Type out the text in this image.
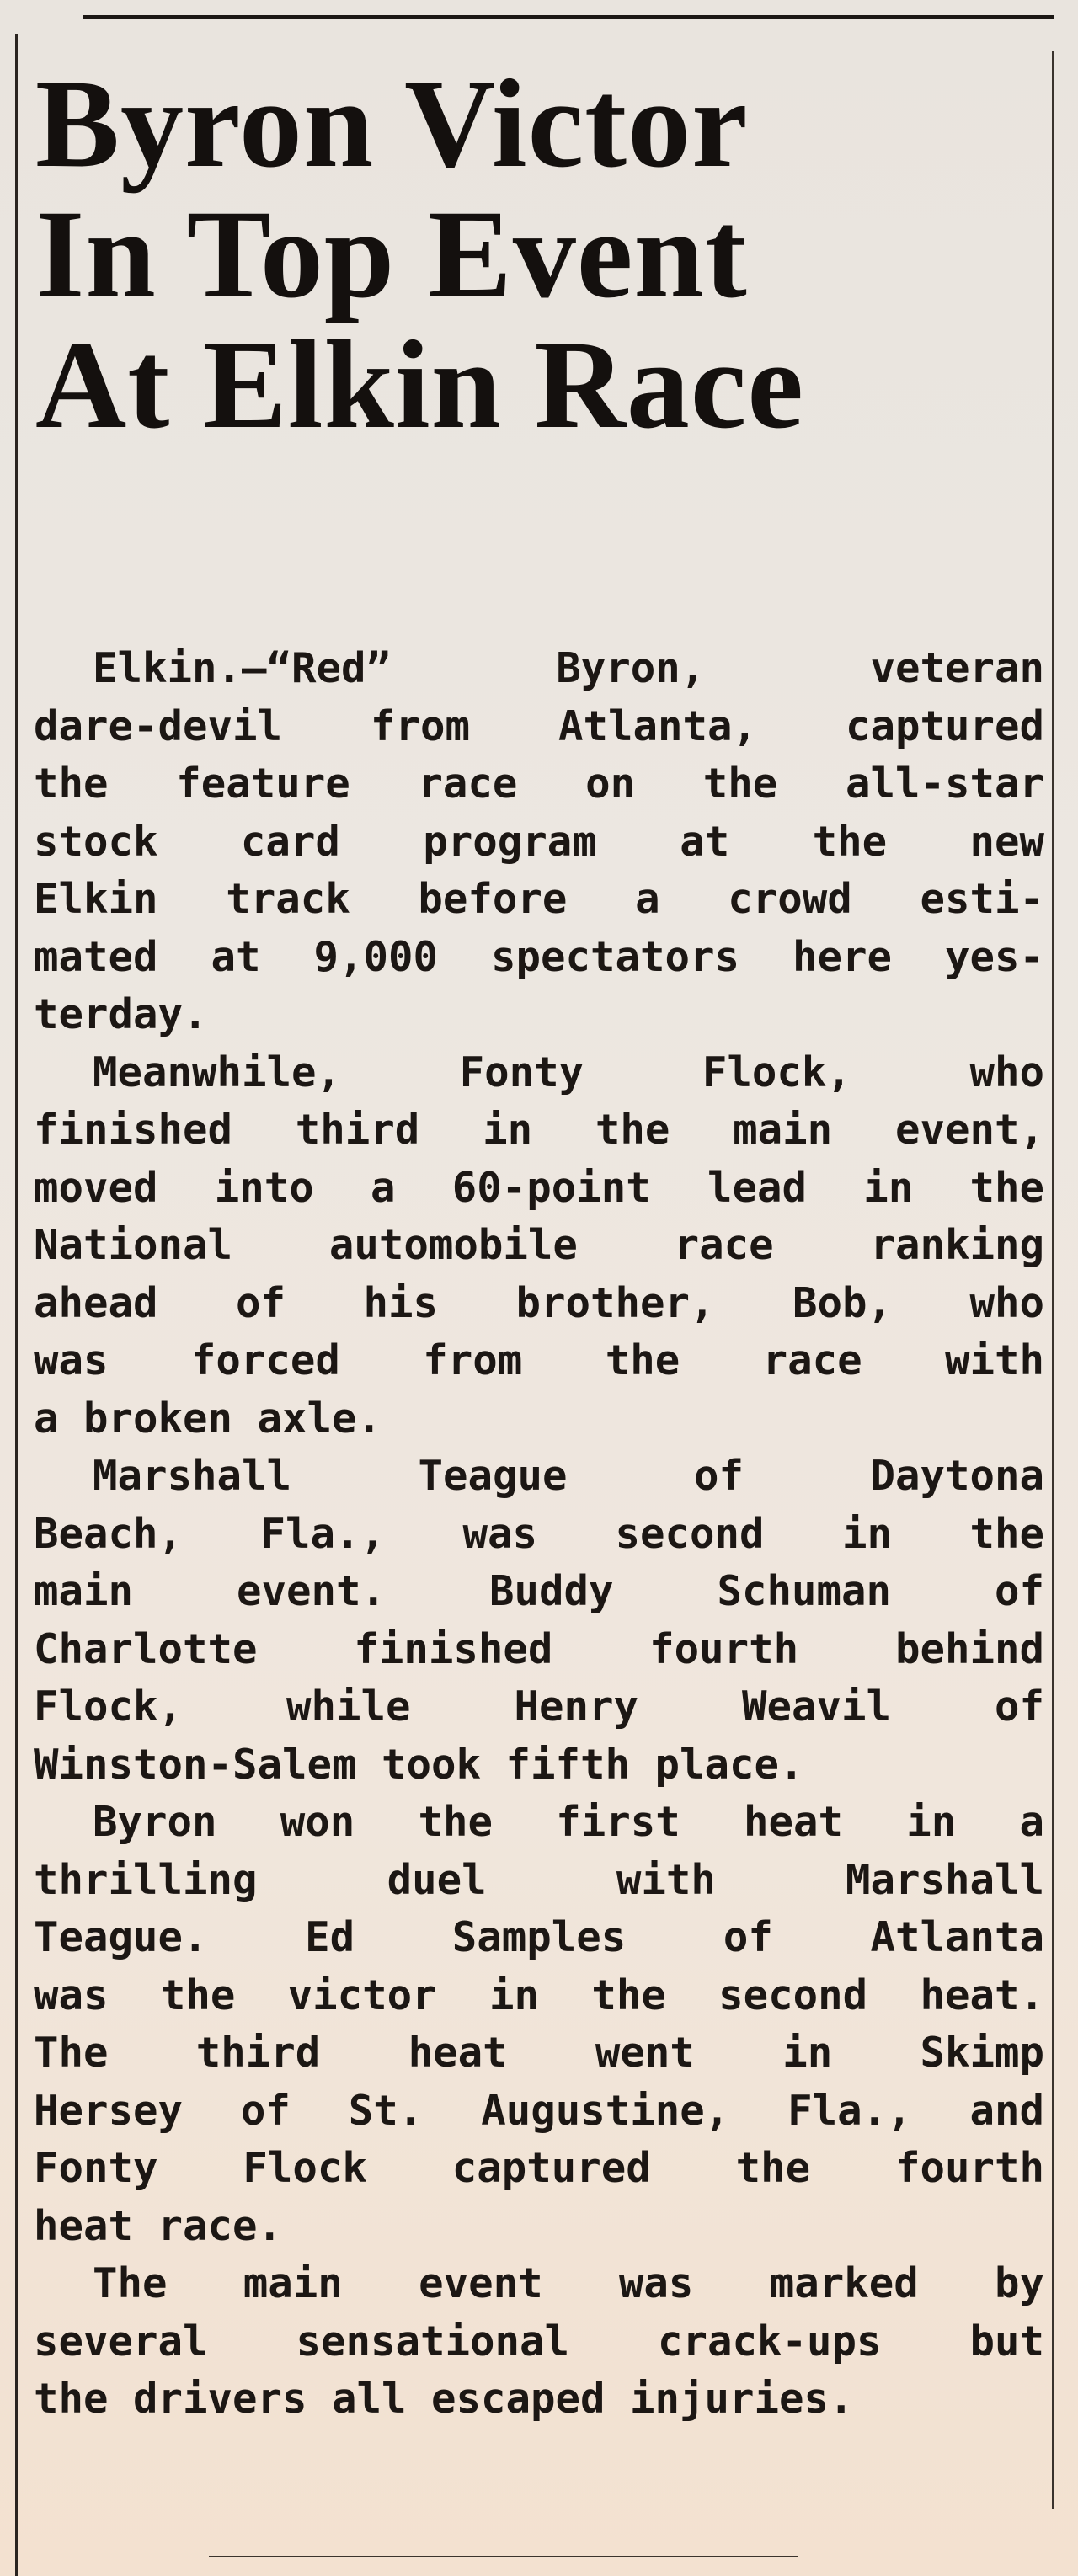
Byron Victor
In Top Event
At Elkin Race

Elkin.—“Red” Byron, veteran
dare-devil from Atlanta, captured
the feature race on the all-star
stock card program at the new
Elkin track before a crowd esti-
mated at 9,000 spectators here yes-
terday.

Meanwhile, Fonty Flock, who
finished third in the main event,
moved into a 60-point lead in the
National automobile race ranking
ahead of his brother, Bob, who
was forced from the race with
a broken axle.

Marshall Teague of Daytona
Beach, Fla., was second in the
main event. Buddy Schuman of
Charlotte finished fourth behind
Flock, while Henry Weavil of
Winston-Salem took fifth place.

Byron won the first heat in a
thrilling duel with Marshall
Teague. Ed Samples of Atlanta
was the victor in the second heat.
The third heat went in Skimp
Hersey of St. Augustine, Fla., and
Fonty Flock captured the fourth
heat race.

The main event was marked by
several sensational crack-ups but
the drivers all escaped injuries.
